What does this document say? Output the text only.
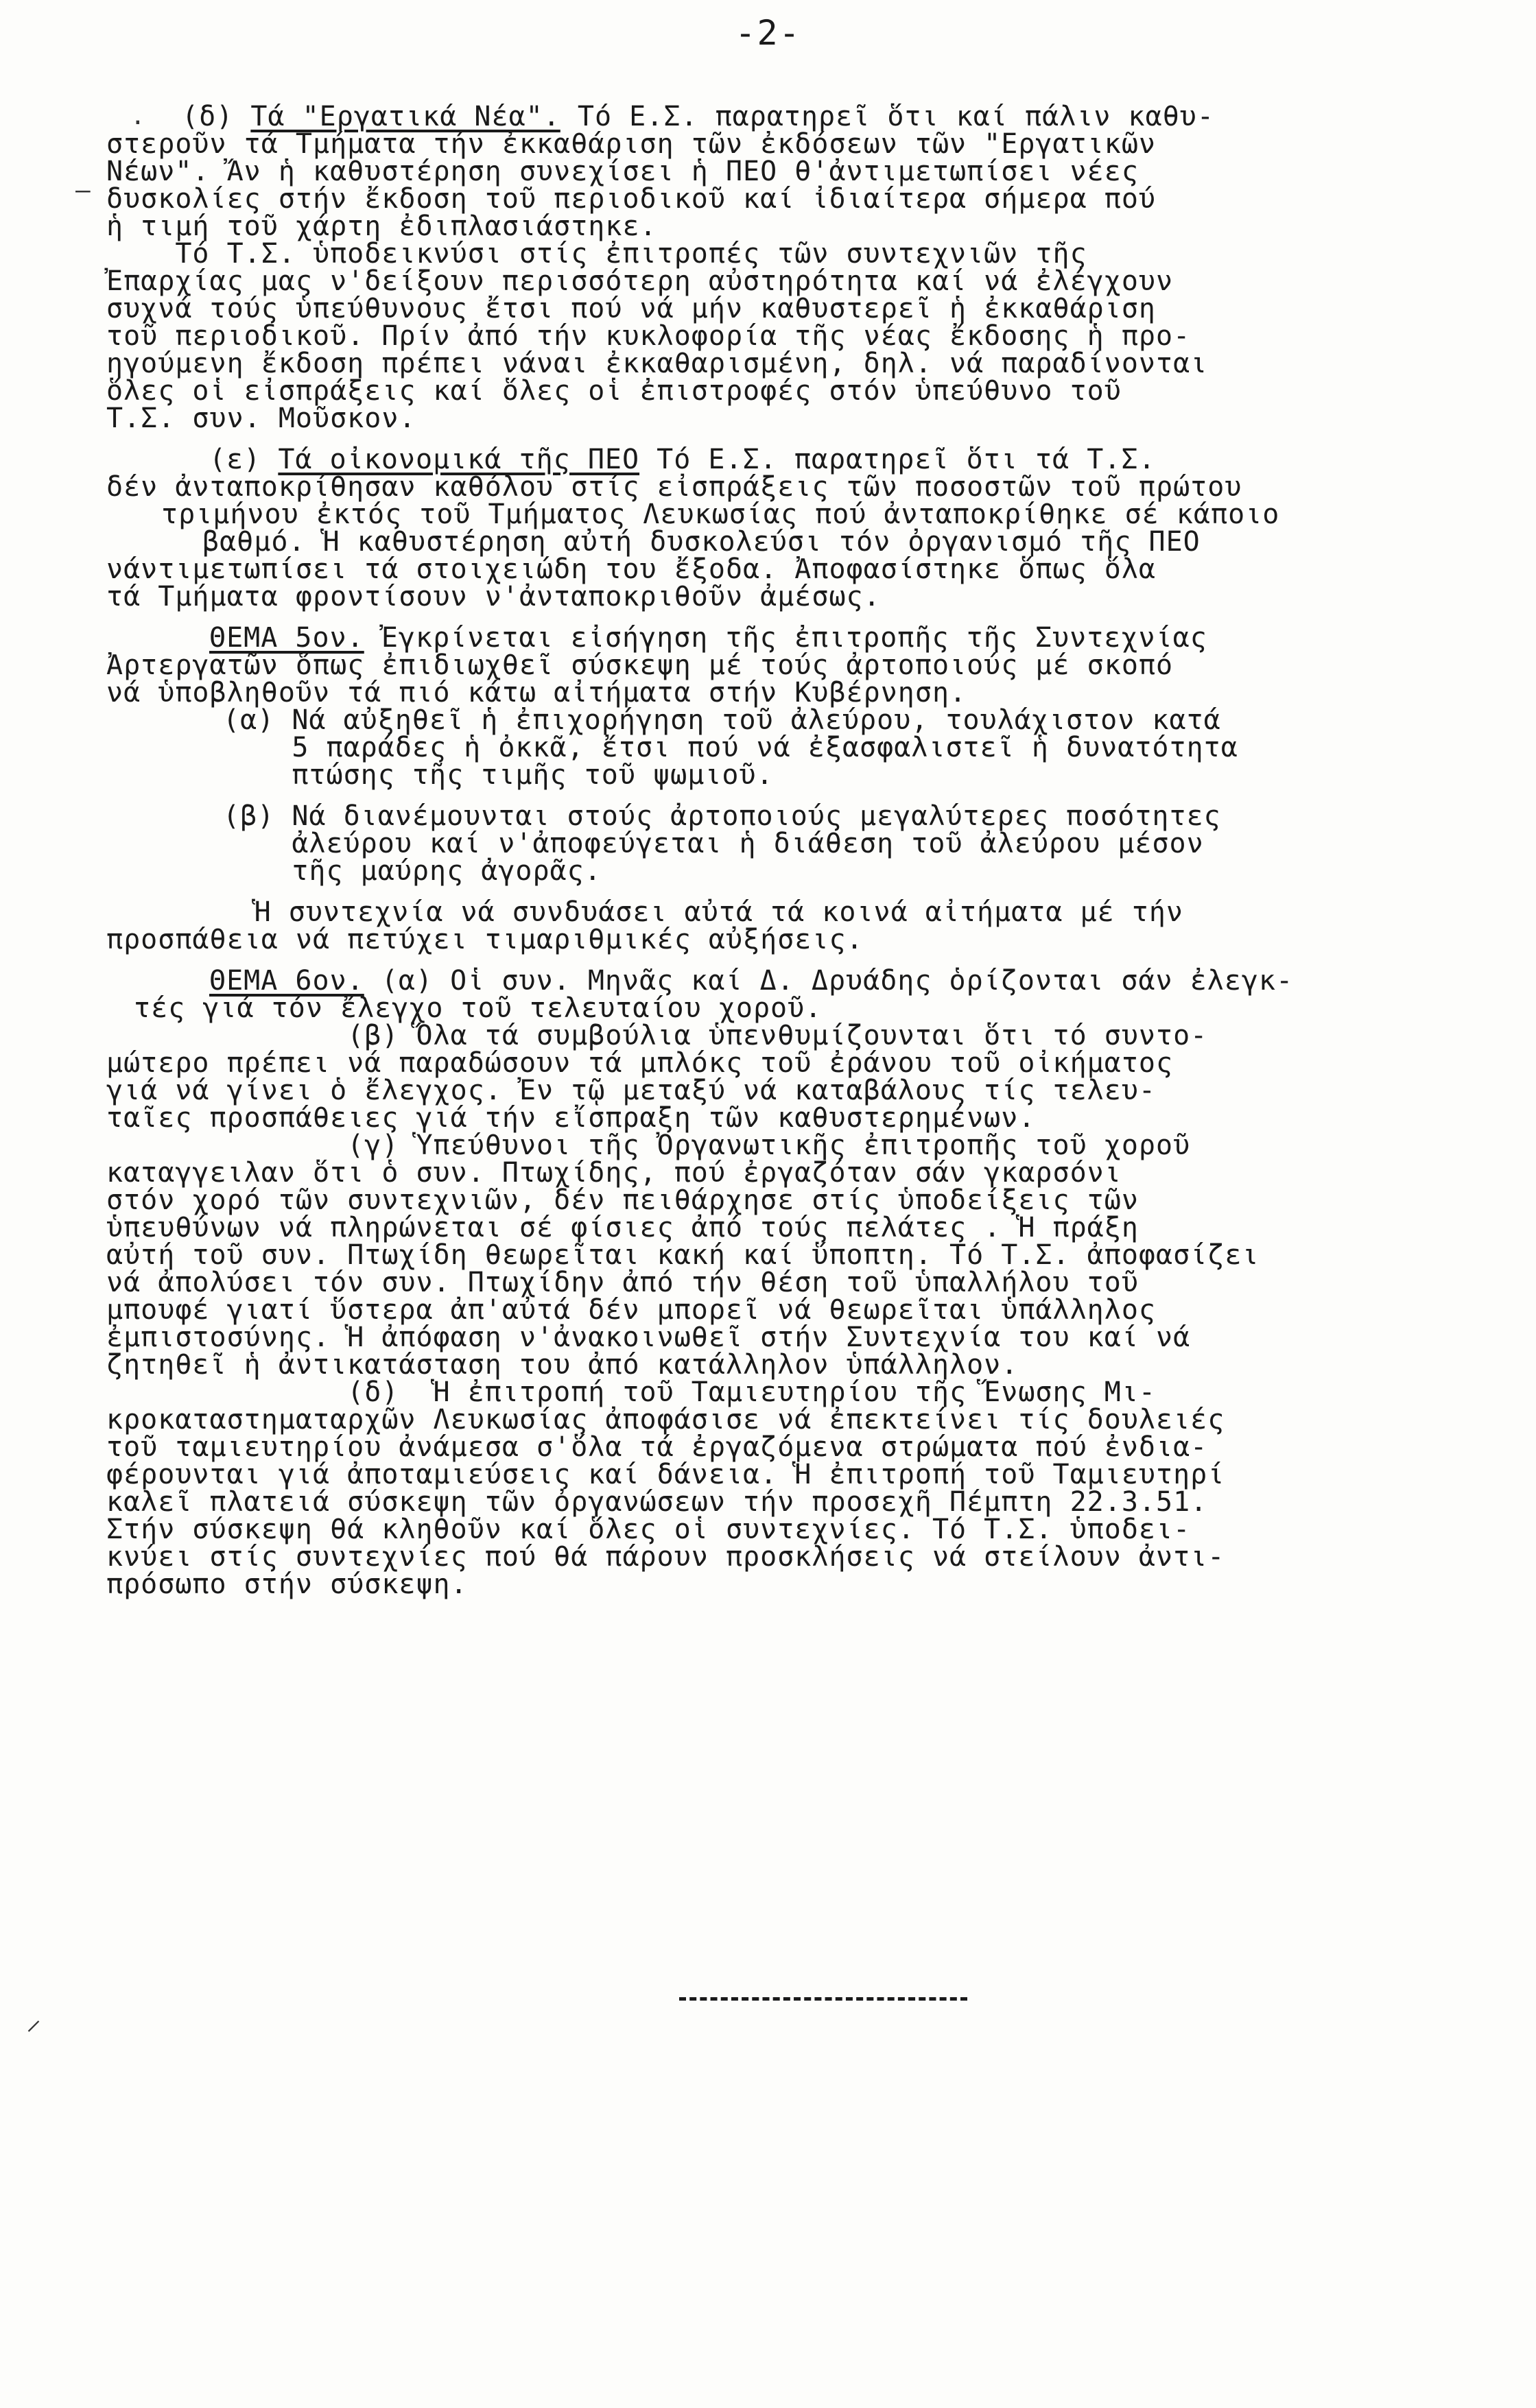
-2-
.
–
(δ) Τά "Εργατικά Νέα". Τό Ε.Σ. παρατηρεῖ ὅτι καί πάλιν καθυ-
στεροῦν τά Τμήματα τήν ἐκκαθάριση τῶν ἐκδόσεων τῶν "Εργατικῶν
Νέων". Ἄν ἡ καθυστέρηση συνεχίσει ἡ ΠΕΟ θ'ἀντιμετωπίσει νέες
δυσκολίες στήν ἔκδοση τοῦ περιοδικοῦ καί ἰδιαίτερα σήμερα πού
ἡ τιμή τοῦ χάρτη ἐδιπλασιάστηκε.
Τό Τ.Σ. ὑποδεικνύσι στίς ἐπιτροπές τῶν συντεχνιῶν τῆς
Ἐπαρχίας μας ν'δείξουν περισσότερη αὐστηρότητα καί νά ἐλέγχουν
συχνά τούς ὑπεύθυνους ἔτσι πού νά μήν καθυστερεῖ ἡ ἐκκαθάριση
τοῦ περιοδικοῦ. Πρίν ἀπό τήν κυκλοφορία τῆς νέας ἔκδοσης ἡ προ-
ηγούμενη ἔκδοση πρέπει νάναι ἐκκαθαρισμένη, δηλ. νά παραδίνονται
ὅλες οἱ εἰσπράξεις καί ὅλες οἱ ἐπιστροφές στόν ὑπεύθυνο τοῦ
Τ.Σ. συν. Μοῦσκον.
(ε) Τά οἰκονομικά τῆς ΠΕΟ Τό Ε.Σ. παρατηρεῖ ὅτι τά Τ.Σ.
δέν ἀνταποκρίθησαν καθόλου στίς εἰσπράξεις τῶν ποσοστῶν τοῦ πρώτου
τριμήνου ἐκτός τοῦ Τμήματος Λευκωσίας πού ἀνταποκρίθηκε σέ κάποιο
βαθμό. Ἡ καθυστέρηση αὐτή δυσκολεύσι τόν ὀργανισμό τῆς ΠΕΟ
νάντιμετωπίσει τά στοιχειώδη του ἔξοδα. Ἀποφασίστηκε ὅπως ὅλα
τά Τμήματα φροντίσουν ν'ἀνταποκριθοῦν ἀμέσως.
ΘΕΜΑ 5ον. Ἐγκρίνεται εἰσήγηση τῆς ἐπιτροπῆς τῆς Συντεχνίας
Ἀρτεργατῶν ὅπως ἐπιδιωχθεῖ σύσκεψη μέ τούς ἀρτοποιούς μέ σκοπό
νά ὑποβληθοῦν τά πιό κάτω αἰτήματα στήν Κυβέρνηση.
(α) Νά αὐξηθεῖ ἡ ἐπιχορήγηση τοῦ ἀλεύρου, τουλάχιστον κατά
5 παράδες ἡ ὀκκᾶ, ἔτσι πού νά ἐξασφαλιστεῖ ἡ δυνατότητα
πτώσης τῆς τιμῆς τοῦ ψωμιοῦ.
(β) Νά διανέμουνται στούς ἀρτοποιούς μεγαλύτερες ποσότητες
ἀλεύρου καί ν'ἀποφεύγεται ἡ διάθεση τοῦ ἀλεύρου μέσον
τῆς μαύρης ἀγορᾶς.
Ἡ συντεχνία νά συνδυάσει αὐτά τά κοινά αἰτήματα μέ τήν
προσπάθεια νά πετύχει τιμαριθμικές αὐξήσεις.
ΘΕΜΑ 6ον. (α) Οἱ συν. Μηνᾶς καί Δ. Δρυάδης ὁρίζονται σάν ἐλεγκ-
τές γιά τόν ἔλεγχο τοῦ τελευταίου χοροῦ.
(β) Ὅλα τά συμβούλια ὑπενθυμίζουνται ὅτι τό συντο-
μώτερο πρέπει νά παραδώσουν τά μπλόκς τοῦ ἐράνου τοῦ οἰκήματος
γιά νά γίνει ὁ ἔλεγχος. Ἐν τῷ μεταξύ νά καταβάλους τίς τελευ-
ταῖες προσπάθειες γιά τήν εἴσπραξη τῶν καθυστερημένων.
(γ) Ὑπεύθυνοι τῆς Ὀργανωτικῆς ἐπιτροπῆς τοῦ χοροῦ
καταγγειλαν ὅτι ὁ συν. Πτωχίδης, πού ἐργαζόταν σάν γκαρσόνι
στόν χορό τῶν συντεχνιῶν, δέν πειθάρχησε στίς ὑποδείξεις τῶν
ὑπευθύνων νά πληρώνεται σέ φίσιες ἀπό τούς πελάτες . Ἡ πράξη
αὐτή τοῦ συν. Πτωχίδη θεωρεῖται κακή καί ὕποπτη. Τό Τ.Σ. ἀποφασίζει
νά ἀπολύσει τόν συν. Πτωχίδην ἀπό τήν θέση τοῦ ὑπαλλήλου τοῦ
μπουφέ γιατί ὕστερα ἀπ'αὐτά δέν μπορεῖ νά θεωρεῖται ὑπάλληλος
ἐμπιστοσύνης. Ἡ ἀπόφαση ν'ἀνακοινωθεῖ στήν Συντεχνία του καί νά
ζητηθεῖ ἡ ἀντικατάσταση του ἀπό κατάλληλον ὑπάλληλον.
(δ)  Ἡ ἐπιτροπή τοῦ Ταμιευτηρίου τῆς Ἕνωσης Μι-
κροκαταστηματαρχῶν Λευκωσίας ἀποφάσισε νά ἐπεκτείνει τίς δουλειές
τοῦ ταμιευτηρίου ἀνάμεσα σ'ὅλα τά ἐργαζόμενα στρώματα πού ἐνδια-
φέρουνται γιά ἀποταμιεύσεις καί δάνεια. Ἡ ἐπιτροπή τοῦ Ταμιευτηρί
καλεῖ πλατειά σύσκεψη τῶν ὀργανώσεων τήν προσεχῆ Πέμπτη 22.3.51.
Στήν σύσκεψη θά κληθοῦν καί ὅλες οἱ συντεχνίες. Τό Τ.Σ. ὑποδει-
κνύει στίς συντεχνίες πού θά πάρουν προσκλήσεις νά στείλουν ἀντι-
πρόσωπο στήν σύσκεψη.
⸝
